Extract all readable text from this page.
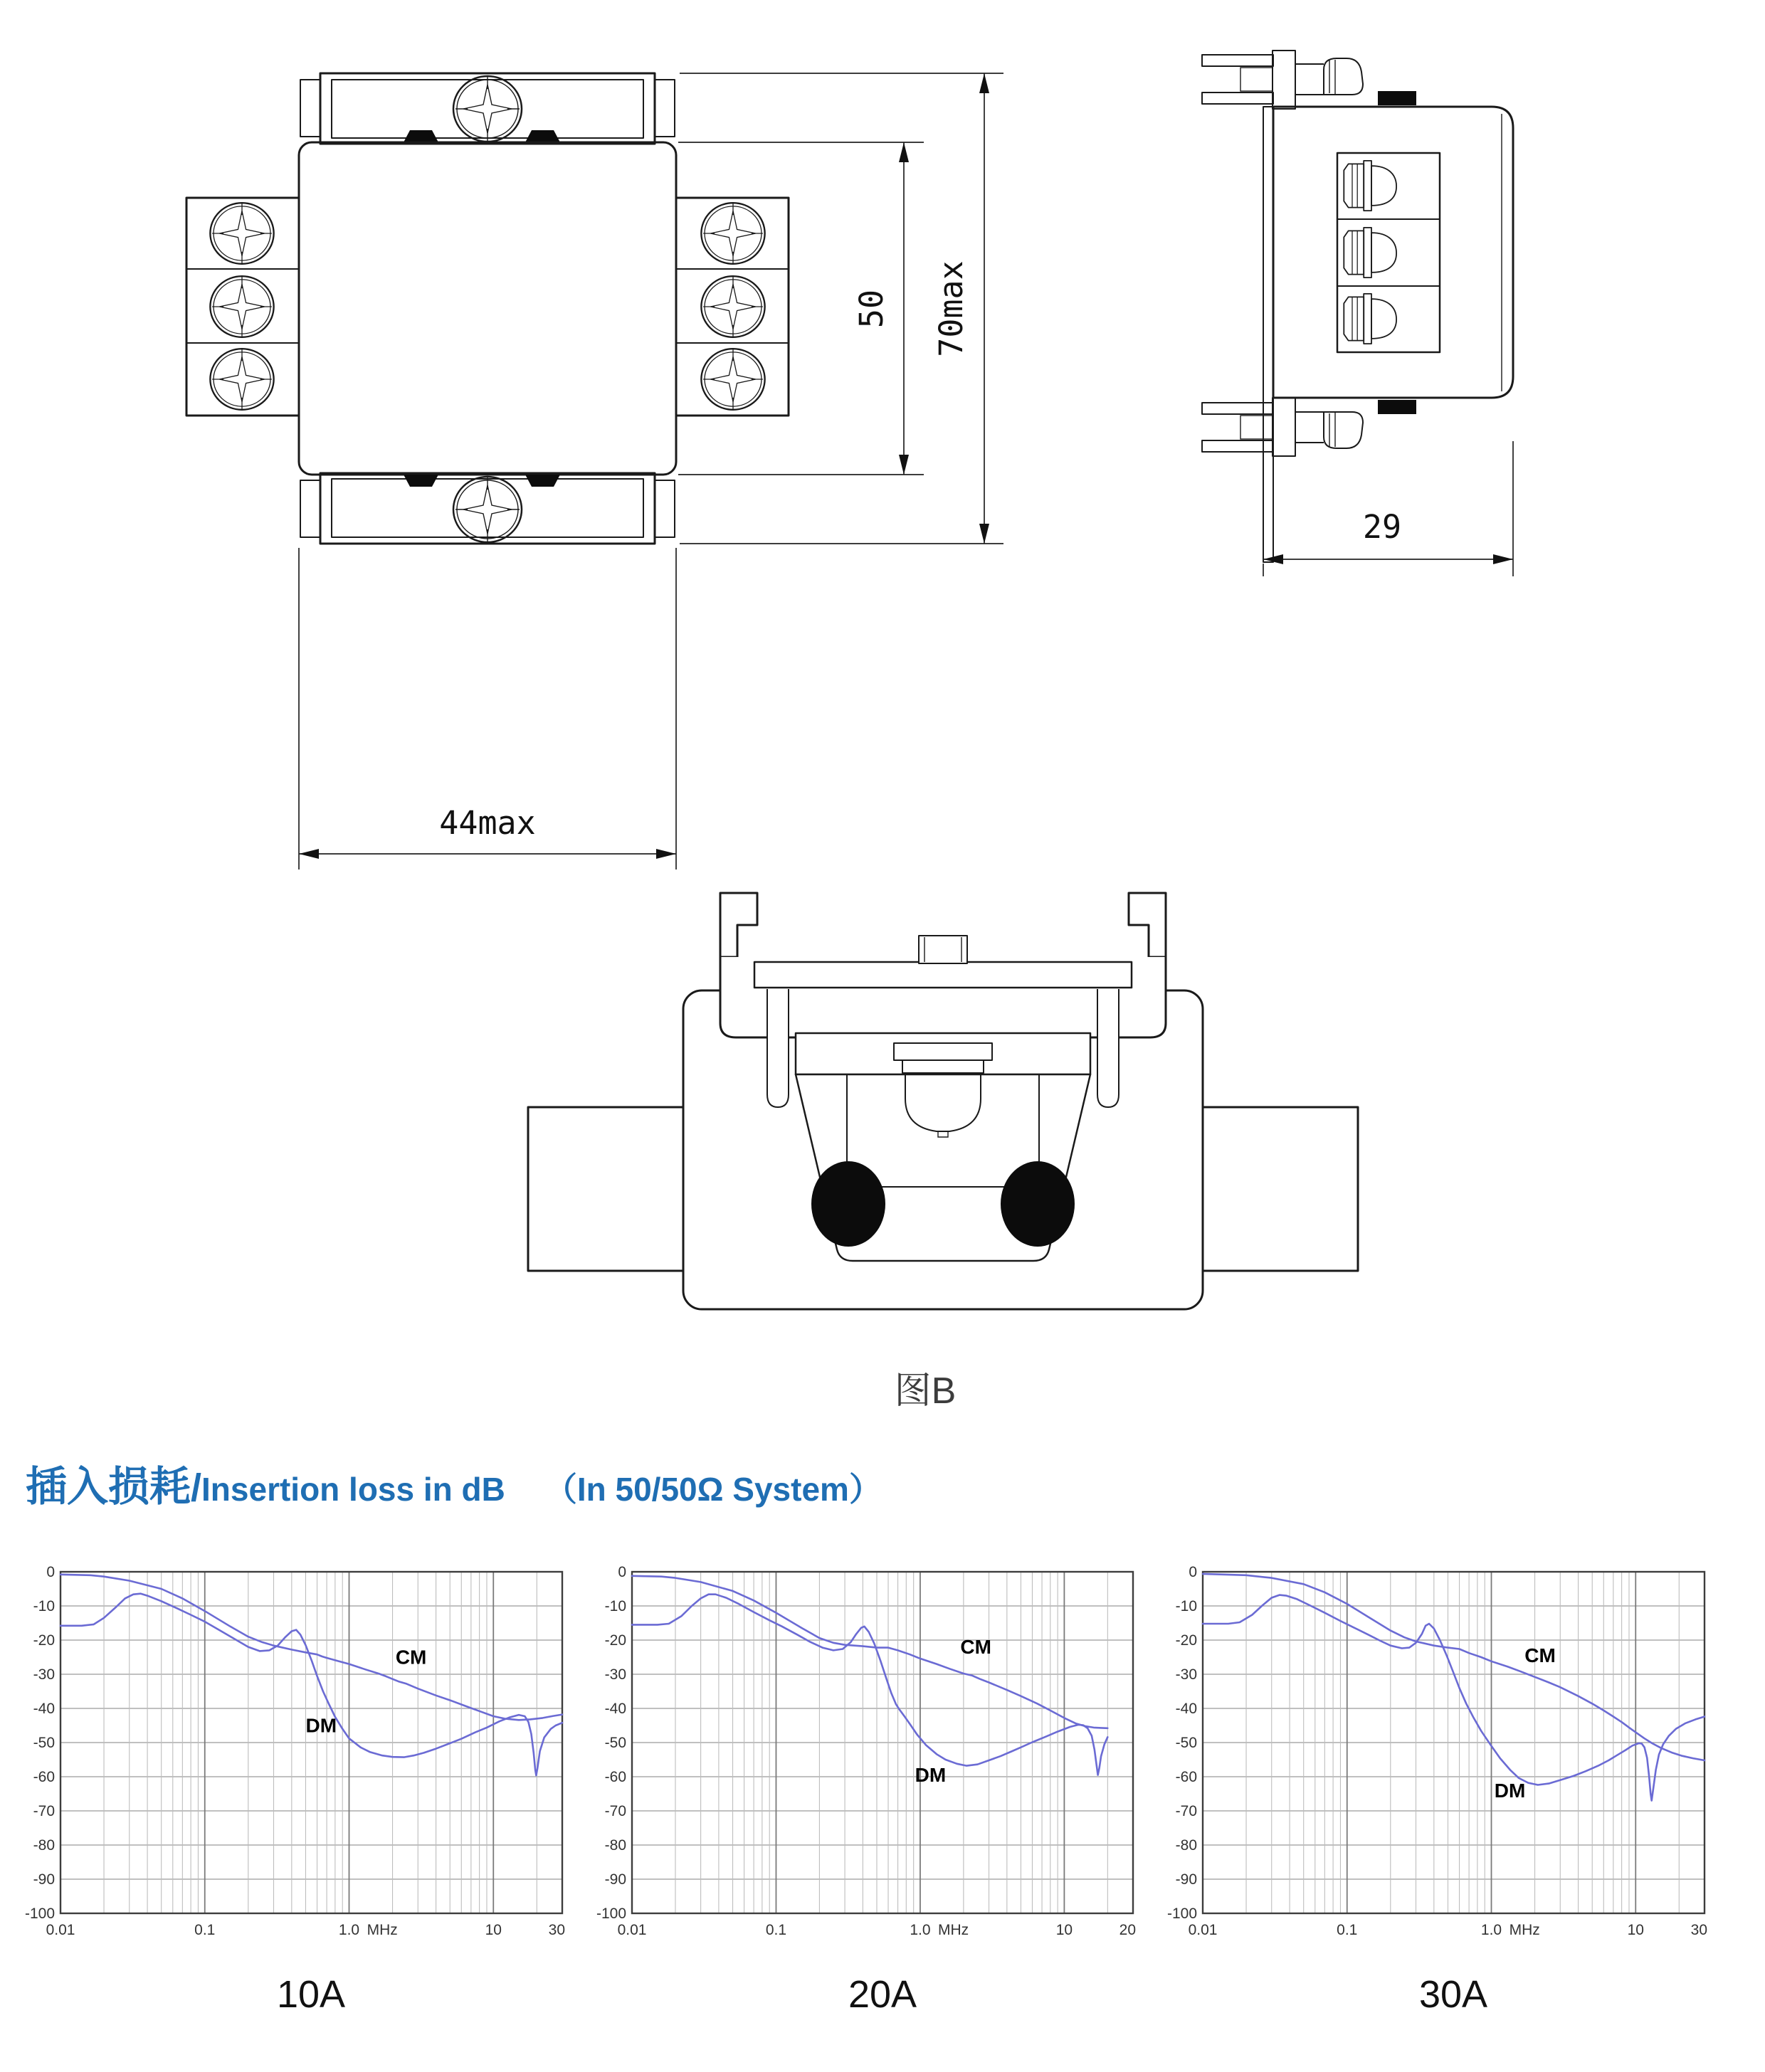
44max
50 70max
29
图B
插入损耗/Insertion loss in dB （In 50/50Ω System）
0
-10
-20
-30
-40
-50
-60
-70
-80
-90
-100
0.01	0.1	1.0 MHz	10	30
CM
DM
0
-10
-20
-30
-40
-50
-60
-70
-80
-90
-100
0.01	0.1	1.0 MHz	10	20
CM
DM
0
-10
-20
-30
-40
-50
-60
-70
-80
-90
-100
0.01	0.1	1.0 MHz	10	30
CM
DM
10A	20A	30A
